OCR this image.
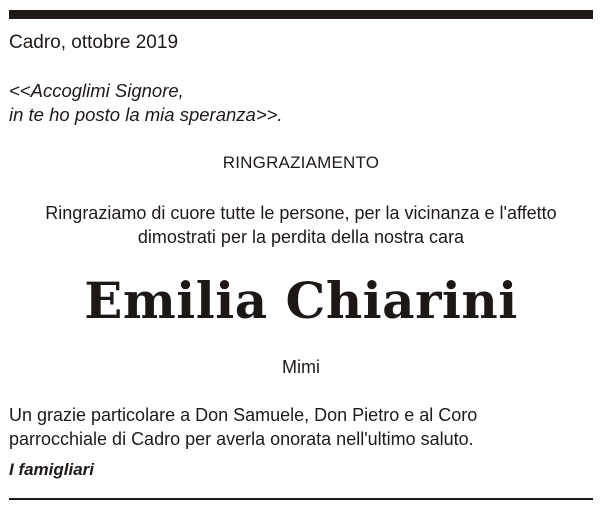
Cadro, ottobre 2019
<<Accoglimi Signore,
in te ho posto la mia speranza>>.
RINGRAZIAMENTO
Ringraziamo di cuore tutte le persone, per la vicinanza e l'affetto
dimostrati per la perdita della nostra cara
Emilia Chiarini
Mimi
Un grazie particolare a Don Samuele, Don Pietro e al Coro
parrocchiale di Cadro per averla onorata nell'ultimo saluto.
I famigliari
